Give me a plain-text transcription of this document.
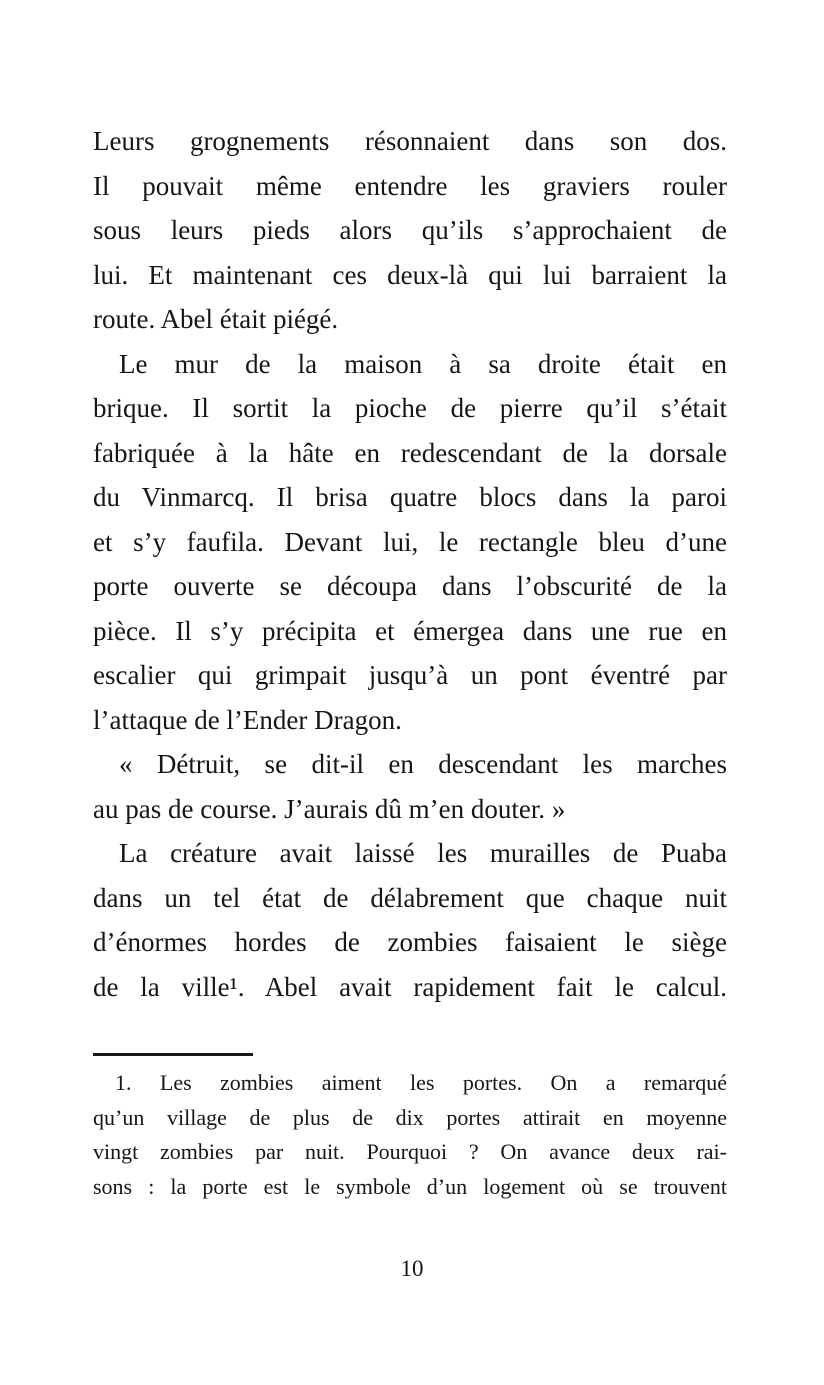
Leurs grognements résonnaient dans son dos.
Il pouvait même entendre les graviers rouler
sous leurs pieds alors qu’ils s’approchaient de
lui. Et maintenant ces deux-là qui lui barraient la
route. Abel était piégé.
Le mur de la maison à sa droite était en
brique. Il sortit la pioche de pierre qu’il s’était
fabriquée à la hâte en redescendant de la dorsale
du Vinmarcq. Il brisa quatre blocs dans la paroi
et s’y faufila. Devant lui, le rectangle bleu d’une
porte ouverte se découpa dans l’obscurité de la
pièce. Il s’y précipita et émergea dans une rue en
escalier qui grimpait jusqu’à un pont éventré par
l’attaque de l’Ender Dragon.
« Détruit, se dit-il en descendant les marches
au pas de course. J’aurais dû m’en douter. »
La créature avait laissé les murailles de Puaba
dans un tel état de délabrement que chaque nuit
d’énormes hordes de zombies faisaient le siège
de la ville¹. Abel avait rapidement fait le calcul.
1. Les zombies aiment les portes. On a remarqué
qu’un village de plus de dix portes attirait en moyenne
vingt zombies par nuit. Pourquoi ? On avance deux rai-
sons : la porte est le symbole d’un logement où se trouvent
10
